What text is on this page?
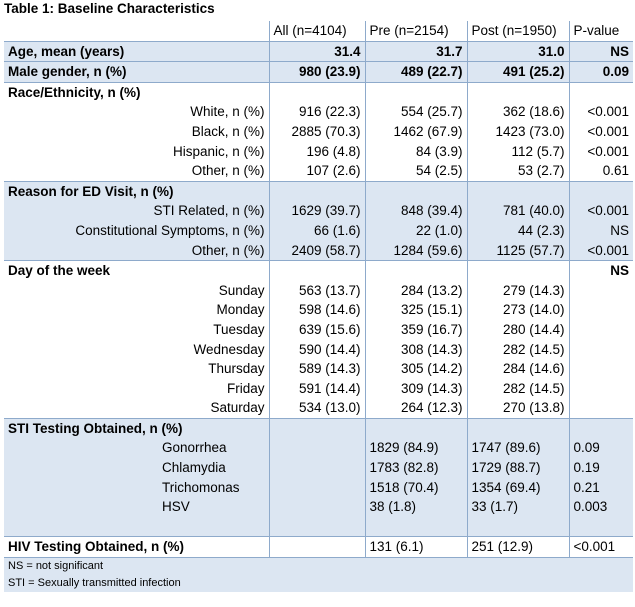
Table 1: Baseline Characteristics
	All (n=4104)	Pre (n=2154)	Post (n=1950)	P-value
Age, mean (years)	31.4	31.7	31.0	NS
Male gender, n (%)	980 (23.9)	489 (22.7)	491 (25.2)	0.09
Race/Ethnicity, n (%)				
White, n (%)	916 (22.3)	554 (25.7)	362 (18.6)	<0.001
Black, n (%)	2885 (70.3)	1462 (67.9)	1423 (73.0)	<0.001
Hispanic, n (%)	196 (4.8)	84 (3.9)	112 (5.7)	<0.001
Other, n (%)	107 (2.6)	54 (2.5)	53 (2.7)	0.61
Reason for ED Visit, n (%)				
STI Related, n (%)	1629 (39.7)	848 (39.4)	781 (40.0)	<0.001
Constitutional Symptoms, n (%)	66 (1.6)	22 (1.0)	44 (2.3)	NS
Other, n (%)	2409 (58.7)	1284 (59.6)	1125 (57.7)	<0.001
Day of the week				NS
Sunday	563 (13.7)	284 (13.2)	279 (14.3)	
Monday	598 (14.6)	325 (15.1)	273 (14.0)	
Tuesday	639 (15.6)	359 (16.7)	280 (14.4)	
Wednesday	590 (14.4)	308 (14.3)	282 (14.5)	
Thursday	589 (14.3)	305 (14.2)	284 (14.6)	
Friday	591 (14.4)	309 (14.3)	282 (14.5)	
Saturday	534 (13.0)	264 (12.3)	270 (13.8)	
STI Testing Obtained, n (%)				
Gonorrhea		1829 (84.9)	1747 (89.6)	0.09
Chlamydia		1783 (82.8)	1729 (88.7)	0.19
Trichomonas		1518 (70.4)	1354 (69.4)	0.21
HSV		38 (1.8)	33 (1.7)	0.003

HIV Testing Obtained, n (%)		131 (6.1)	251 (12.9)	<0.001
NS = not significant				
STI = Sexually transmitted infection				
